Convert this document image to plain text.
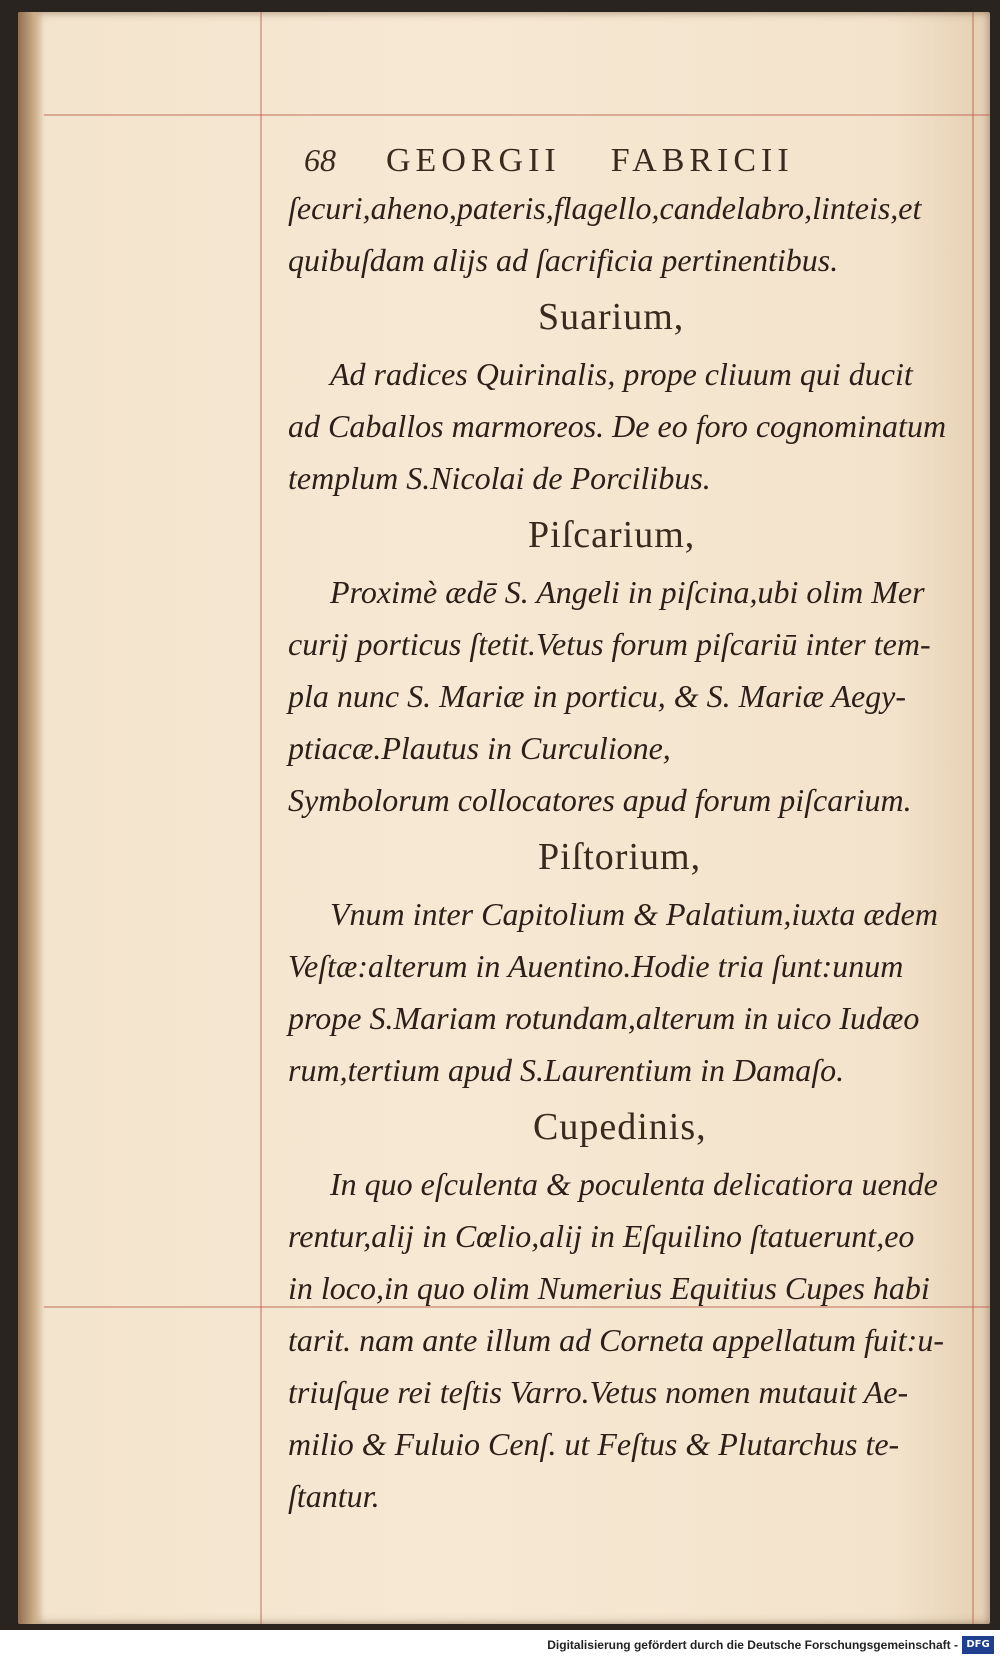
68 GEORGII FABRICII
ſecuri,aheno,pateris,flagello,candelabro,linteis,et
quibuſdam alijs ad ſacrificia pertinentibus.
Suarium,
Ad radices Quirinalis, prope cliuum qui ducit
ad Caballos marmoreos. De eo foro cognominatum
templum S.Nicolai de Porcilibus.
Piſcarium,
Proximè ædē S. Angeli in piſcina,ubi olim Mer
curij porticus ſtetit.Vetus forum piſcariū inter tem-
pla nunc S. Mariæ in porticu, & S. Mariæ Aegy-
ptiacæ.Plautus in Curculione,
Symbolorum collocatores apud forum piſcarium.
Piſtorium,
Vnum inter Capitolium & Palatium,iuxta ædem
Veſtæ:alterum in Auentino.Hodie tria ſunt:unum
prope S.Mariam rotundam,alterum in uico Iudæo
rum,tertium apud S.Laurentium in Damaſo.
Cupedinis,
In quo eſculenta & poculenta delicatiora uende
rentur,alij in Cœlio,alij in Eſquilino ſtatuerunt,eo
in loco,in quo olim Numerius Equitius Cupes habi
tarit. nam ante illum ad Corneta appellatum fuit:u-
triuſque rei teſtis Varro.Vetus nomen mutauit Ae-
milio & Fuluio Cenſ. ut Feſtus & Plutarchus te-
ſtantur.
Digitalisierung gefördert durch die Deutsche Forschungsgemeinschaft - DFG
